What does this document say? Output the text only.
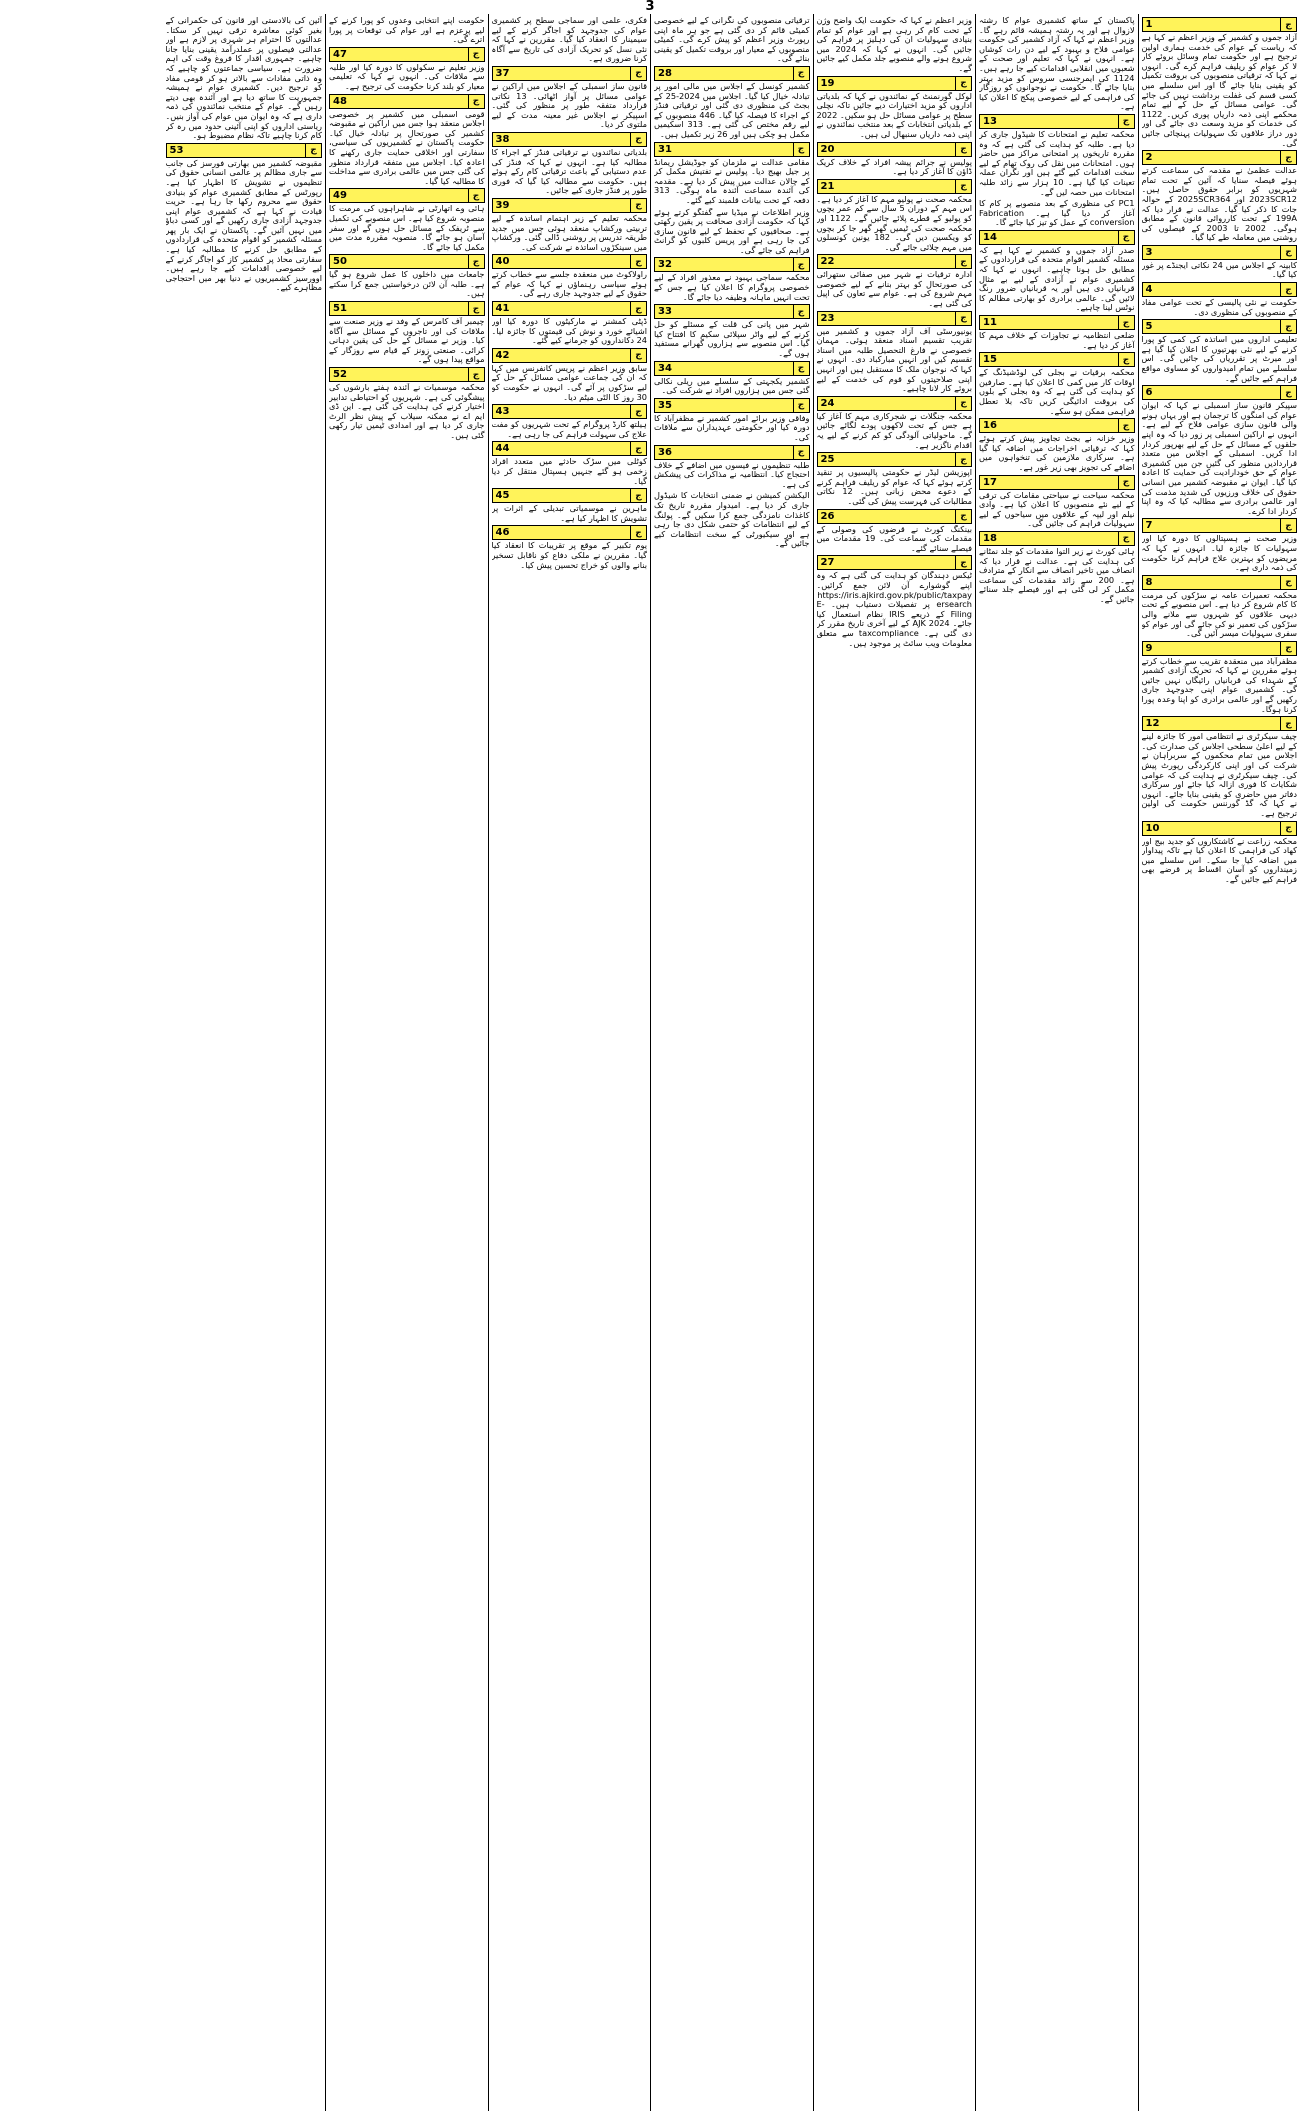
3
ج
1
آزاد جموں و کشمیر کے وزیر اعظم نے کہا ہے کہ ریاست کے عوام کی خدمت ہماری اولین ترجیح ہے اور حکومت تمام وسائل بروئے کار لا کر عوام کو ریلیف فراہم کرے گی۔ انہوں نے کہا کہ ترقیاتی منصوبوں کی بروقت تکمیل کو یقینی بنایا جائے گا اور اس سلسلے میں کسی قسم کی غفلت برداشت نہیں کی جائے گی۔ عوامی مسائل کے حل کے لیے تمام محکمے اپنی ذمہ داریاں پوری کریں۔ 1122 کی خدمات کو مزید وسعت دی جائے گی اور دور دراز علاقوں تک سہولیات پہنچائی جائیں گی۔
ج
2
عدالت عظمیٰ نے مقدمہ کی سماعت کرتے ہوئے فیصلہ سنایا کہ آئین کے تحت تمام شہریوں کو برابر حقوق حاصل ہیں۔ 2023SCR12 اور 2025SCR364 کے حوالہ جات کا ذکر کیا گیا۔ عدالت نے قرار دیا کہ 199A کے تحت کارروائی قانون کے مطابق ہوگی۔ 2002 تا 2003 کے فیصلوں کی روشنی میں معاملہ طے کیا گیا۔
ج
3
کابینہ کے اجلاس میں 24 نکاتی ایجنڈے پر غور کیا گیا۔
ج
4
حکومت نے نئی پالیسی کے تحت عوامی مفاد کے منصوبوں کی منظوری دی۔
ج
5
تعلیمی اداروں میں اساتذہ کی کمی کو پورا کرنے کے لیے نئی بھرتیوں کا اعلان کیا گیا ہے اور میرٹ پر تقرریاں کی جائیں گی۔ اس سلسلے میں تمام امیدواروں کو مساوی مواقع فراہم کیے جائیں گے۔
ج
6
سپیکر قانون ساز اسمبلی نے کہا کہ ایوان عوام کی امنگوں کا ترجمان ہے اور یہاں ہونے والی قانون سازی عوامی فلاح کے لیے ہے۔ انہوں نے اراکین اسمبلی پر زور دیا کہ وہ اپنے حلقوں کے مسائل کے حل کے لیے بھرپور کردار ادا کریں۔ اسمبلی کے اجلاس میں متعدد قراردادیں منظور کی گئیں جن میں کشمیری عوام کے حق خودارادیت کی حمایت کا اعادہ کیا گیا۔ ایوان نے مقبوضہ کشمیر میں انسانی حقوق کی خلاف ورزیوں کی شدید مذمت کی اور عالمی برادری سے مطالبہ کیا کہ وہ اپنا کردار ادا کرے۔
ج
7
وزیر صحت نے ہسپتالوں کا دورہ کیا اور سہولیات کا جائزہ لیا۔ انہوں نے کہا کہ مریضوں کو بہترین علاج فراہم کرنا حکومت کی ذمہ داری ہے۔
ج
8
محکمہ تعمیرات عامہ نے سڑکوں کی مرمت کا کام شروع کر دیا ہے۔ اس منصوبے کے تحت دیہی علاقوں کو شہروں سے ملانے والی سڑکوں کی تعمیر نو کی جائے گی اور عوام کو سفری سہولیات میسر آئیں گی۔
ج
9
مظفرآباد میں منعقدہ تقریب سے خطاب کرتے ہوئے مقررین نے کہا کہ تحریک آزادی کشمیر کے شہداء کی قربانیاں رائیگاں نہیں جائیں گی۔ کشمیری عوام اپنی جدوجہد جاری رکھیں گے اور عالمی برادری کو اپنا وعدہ پورا کرنا ہوگا۔
ج
12
چیف سیکرٹری نے انتظامی امور کا جائزہ لینے کے لیے اعلیٰ سطحی اجلاس کی صدارت کی۔ اجلاس میں تمام محکموں کے سربراہان نے شرکت کی اور اپنی کارکردگی رپورٹ پیش کی۔ چیف سیکرٹری نے ہدایت کی کہ عوامی شکایات کا فوری ازالہ کیا جائے اور سرکاری دفاتر میں حاضری کو یقینی بنایا جائے۔ انہوں نے کہا کہ گڈ گورننس حکومت کی اولین ترجیح ہے۔
ج
10
محکمہ زراعت نے کاشتکاروں کو جدید بیج اور کھاد کی فراہمی کا اعلان کیا ہے تاکہ پیداوار میں اضافہ کیا جا سکے۔ اس سلسلے میں زمینداروں کو آسان اقساط پر قرضے بھی فراہم کیے جائیں گے۔
پاکستان کے ساتھ کشمیری عوام کا رشتہ لازوال ہے اور یہ رشتہ ہمیشہ قائم رہے گا۔ وزیر اعظم نے کہا کہ آزاد کشمیر کی حکومت عوامی فلاح و بہبود کے لیے دن رات کوشاں ہے۔ انہوں نے کہا کہ تعلیم اور صحت کے شعبوں میں انقلابی اقدامات کیے جا رہے ہیں۔ 1124 کی ایمرجنسی سروس کو مزید بہتر بنایا جائے گا۔ حکومت نے نوجوانوں کو روزگار کی فراہمی کے لیے خصوصی پیکج کا اعلان کیا ہے۔
ج
13
محکمہ تعلیم نے امتحانات کا شیڈول جاری کر دیا ہے۔ طلبہ کو ہدایت کی گئی ہے کہ وہ مقررہ تاریخوں پر امتحانی مراکز میں حاضر ہوں۔ امتحانات میں نقل کی روک تھام کے لیے سخت اقدامات کیے گئے ہیں اور نگران عملہ تعینات کیا گیا ہے۔ 10 ہزار سے زائد طلبہ امتحانات میں حصہ لیں گے۔
PC1 کی منظوری کے بعد منصوبے پر کام کا آغاز کر دیا گیا ہے۔ Fabrication conversion کے عمل کو تیز کیا جائے گا۔
ج
14
صدر آزاد جموں و کشمیر نے کہا ہے کہ مسئلہ کشمیر اقوام متحدہ کی قراردادوں کے مطابق حل ہونا چاہیے۔ انہوں نے کہا کہ کشمیری عوام نے آزادی کے لیے بے مثال قربانیاں دی ہیں اور یہ قربانیاں ضرور رنگ لائیں گی۔ عالمی برادری کو بھارتی مظالم کا نوٹس لینا چاہیے۔
ج
11
ضلعی انتظامیہ نے تجاوزات کے خلاف مہم کا آغاز کر دیا ہے۔
ج
15
محکمہ برقیات نے بجلی کی لوڈشیڈنگ کے اوقات کار میں کمی کا اعلان کیا ہے۔ صارفین کو ہدایت کی گئی ہے کہ وہ بجلی کے بلوں کی بروقت ادائیگی کریں تاکہ بلا تعطل فراہمی ممکن ہو سکے۔
ج
16
وزیر خزانہ نے بجٹ تجاویز پیش کرتے ہوئے کہا کہ ترقیاتی اخراجات میں اضافہ کیا گیا ہے۔ سرکاری ملازمین کی تنخواہوں میں اضافے کی تجویز بھی زیر غور ہے۔
ج
17
محکمہ سیاحت نے سیاحتی مقامات کی ترقی کے لیے نئے منصوبوں کا اعلان کیا ہے۔ وادی نیلم اور لیپہ کے علاقوں میں سیاحوں کے لیے سہولیات فراہم کی جائیں گی۔
ج
18
ہائی کورٹ نے زیر التوا مقدمات کو جلد نمٹانے کی ہدایت کی ہے۔ عدالت نے قرار دیا کہ انصاف میں تاخیر انصاف سے انکار کے مترادف ہے۔ 200 سے زائد مقدمات کی سماعت مکمل کر لی گئی ہے اور فیصلے جلد سنائے جائیں گے۔
وزیر اعظم نے کہا کہ حکومت ایک واضح وژن کے تحت کام کر رہی ہے اور عوام کو تمام بنیادی سہولیات ان کی دہلیز پر فراہم کی جائیں گی۔ انہوں نے کہا کہ 2024 میں شروع ہونے والے منصوبے جلد مکمل کیے جائیں گے۔
ج
19
لوکل گورنمنٹ کے نمائندوں نے کہا کہ بلدیاتی اداروں کو مزید اختیارات دیے جائیں تاکہ نچلی سطح پر عوامی مسائل حل ہو سکیں۔ 2022 کے بلدیاتی انتخابات کے بعد منتخب نمائندوں نے اپنی ذمہ داریاں سنبھال لی ہیں۔
ج
20
پولیس نے جرائم پیشہ افراد کے خلاف کریک ڈاؤن کا آغاز کر دیا ہے۔
ج
21
محکمہ صحت نے پولیو مہم کا آغاز کر دیا ہے۔ اس مہم کے دوران 5 سال سے کم عمر بچوں کو پولیو کے قطرے پلائے جائیں گے۔ 1122 اور محکمہ صحت کی ٹیمیں گھر گھر جا کر بچوں کو ویکسین دیں گی۔ 182 یونین کونسلوں میں مہم چلائی جائے گی۔
ج
22
ادارہ ترقیات نے شہر میں صفائی ستھرائی کی صورتحال کو بہتر بنانے کے لیے خصوصی مہم شروع کی ہے۔ عوام سے تعاون کی اپیل کی گئی ہے۔
ج
23
یونیورسٹی آف آزاد جموں و کشمیر میں تقریب تقسیم اسناد منعقد ہوئی۔ مہمان خصوصی نے فارغ التحصیل طلبہ میں اسناد تقسیم کیں اور انہیں مبارکباد دی۔ انہوں نے کہا کہ نوجوان ملک کا مستقبل ہیں اور انہیں اپنی صلاحیتوں کو قوم کی خدمت کے لیے بروئے کار لانا چاہیے۔
ج
24
محکمہ جنگلات نے شجرکاری مہم کا آغاز کیا ہے جس کے تحت لاکھوں پودے لگائے جائیں گے۔ ماحولیاتی آلودگی کو کم کرنے کے لیے یہ اقدام ناگزیر ہے۔
ج
25
اپوزیشن لیڈر نے حکومتی پالیسیوں پر تنقید کرتے ہوئے کہا کہ عوام کو ریلیف فراہم کرنے کے دعوے محض زبانی ہیں۔ 12 نکاتی مطالبات کی فہرست پیش کی گئی۔
ج
26
بینکنگ کورٹ نے قرضوں کی وصولی کے مقدمات کی سماعت کی۔ 19 مقدمات میں فیصلے سنائے گئے۔
ج
27
ٹیکس دہندگان کو ہدایت کی گئی ہے کہ وہ اپنے گوشوارے آن لائن جمع کرائیں۔ https://iris.ajkird.gov.pk/public/taxpayersearch پر تفصیلات دستیاب ہیں۔ E-Filing کے ذریعے IRIS نظام استعمال کیا جائے۔ AJK 2024 کے لیے آخری تاریخ مقرر کر دی گئی ہے۔ taxcompliance سے متعلق معلومات ویب سائٹ پر موجود ہیں۔
ترقیاتی منصوبوں کی نگرانی کے لیے خصوصی کمیٹی قائم کر دی گئی ہے جو ہر ماہ اپنی رپورٹ وزیر اعظم کو پیش کرے گی۔ کمیٹی منصوبوں کے معیار اور بروقت تکمیل کو یقینی بنائے گی۔
ج
28
کشمیر کونسل کے اجلاس میں مالی امور پر تبادلہ خیال کیا گیا۔ اجلاس میں 2024-25 کے بجٹ کی منظوری دی گئی اور ترقیاتی فنڈز کے اجراء کا فیصلہ کیا گیا۔ 446 منصوبوں کے لیے رقم مختص کی گئی ہے۔ 313 اسکیمیں مکمل ہو چکی ہیں اور 26 زیر تکمیل ہیں۔
ج
31
مقامی عدالت نے ملزمان کو جوڈیشل ریمانڈ پر جیل بھیج دیا۔ پولیس نے تفتیش مکمل کر کے چالان عدالت میں پیش کر دیا ہے۔ مقدمہ کی آئندہ سماعت آئندہ ماہ ہوگی۔ 313 دفعہ کے تحت بیانات قلمبند کیے گئے۔
وزیر اطلاعات نے میڈیا سے گفتگو کرتے ہوئے کہا کہ حکومت آزادی صحافت پر یقین رکھتی ہے۔ صحافیوں کے تحفظ کے لیے قانون سازی کی جا رہی ہے اور پریس کلبوں کو گرانٹ فراہم کی جائے گی۔
ج
32
محکمہ سماجی بہبود نے معذور افراد کے لیے خصوصی پروگرام کا اعلان کیا ہے جس کے تحت انہیں ماہانہ وظیفہ دیا جائے گا۔
ج
33
شہر میں پانی کی قلت کے مسئلے کو حل کرنے کے لیے واٹر سپلائی سکیم کا افتتاح کیا گیا۔ اس منصوبے سے ہزاروں گھرانے مستفید ہوں گے۔
ج
34
کشمیر یکجہتی کے سلسلے میں ریلی نکالی گئی جس میں ہزاروں افراد نے شرکت کی۔
ج
35
وفاقی وزیر برائے امور کشمیر نے مظفرآباد کا دورہ کیا اور حکومتی عہدیداران سے ملاقات کی۔
ج
36
طلبہ تنظیموں نے فیسوں میں اضافے کے خلاف احتجاج کیا۔ انتظامیہ نے مذاکرات کی پیشکش کی ہے۔
الیکشن کمیشن نے ضمنی انتخابات کا شیڈول جاری کر دیا ہے۔ امیدوار مقررہ تاریخ تک کاغذات نامزدگی جمع کرا سکیں گے۔ پولنگ کے لیے انتظامات کو حتمی شکل دی جا رہی ہے اور سیکیورٹی کے سخت انتظامات کیے جائیں گے۔
فکری، علمی اور سماجی سطح پر کشمیری عوام کی جدوجہد کو اجاگر کرنے کے لیے سیمینار کا انعقاد کیا گیا۔ مقررین نے کہا کہ نئی نسل کو تحریک آزادی کی تاریخ سے آگاہ کرنا ضروری ہے۔
ج
37
قانون ساز اسمبلی کے اجلاس میں اراکین نے عوامی مسائل پر آواز اٹھائی۔ 13 نکاتی قرارداد متفقہ طور پر منظور کی گئی۔ اسپیکر نے اجلاس غیر معینہ مدت کے لیے ملتوی کر دیا۔
ج
38
بلدیاتی نمائندوں نے ترقیاتی فنڈز کے اجراء کا مطالبہ کیا ہے۔ انہوں نے کہا کہ فنڈز کی عدم دستیابی کے باعث ترقیاتی کام رکے ہوئے ہیں۔ حکومت سے مطالبہ کیا گیا کہ فوری طور پر فنڈز جاری کیے جائیں۔
ج
39
محکمہ تعلیم کے زیر اہتمام اساتذہ کے لیے تربیتی ورکشاپ منعقد ہوئی جس میں جدید طریقہ تدریس پر روشنی ڈالی گئی۔ ورکشاپ میں سینکڑوں اساتذہ نے شرکت کی۔
ج
40
راولاکوٹ میں منعقدہ جلسے سے خطاب کرتے ہوئے سیاسی رہنماؤں نے کہا کہ عوام کے حقوق کے لیے جدوجہد جاری رہے گی۔
ج
41
ڈپٹی کمشنر نے مارکیٹوں کا دورہ کیا اور اشیائے خورد و نوش کی قیمتوں کا جائزہ لیا۔ 24 دکانداروں کو جرمانے کیے گئے۔
ج
42
سابق وزیر اعظم نے پریس کانفرنس میں کہا کہ ان کی جماعت عوامی مسائل کے حل کے لیے سڑکوں پر آئے گی۔ انہوں نے حکومت کو 30 روز کا الٹی میٹم دیا۔
ج
43
ہیلتھ کارڈ پروگرام کے تحت شہریوں کو مفت علاج کی سہولت فراہم کی جا رہی ہے۔
ج
44
کوٹلی میں سڑک حادثے میں متعدد افراد زخمی ہو گئے جنہیں ہسپتال منتقل کر دیا گیا۔
ج
45
ماہرین نے موسمیاتی تبدیلی کے اثرات پر تشویش کا اظہار کیا ہے۔
ج
46
یوم تکبیر کے موقع پر تقریبات کا انعقاد کیا گیا۔ مقررین نے ملکی دفاع کو ناقابل تسخیر بنانے والوں کو خراج تحسین پیش کیا۔
حکومت اپنے انتخابی وعدوں کو پورا کرنے کے لیے پرعزم ہے اور عوام کی توقعات پر پورا اترے گی۔
ج
47
وزیر تعلیم نے سکولوں کا دورہ کیا اور طلبہ سے ملاقات کی۔ انہوں نے کہا کہ تعلیمی معیار کو بلند کرنا حکومت کی ترجیح ہے۔
ج
48
قومی اسمبلی میں کشمیر پر خصوصی اجلاس منعقد ہوا جس میں اراکین نے مقبوضہ کشمیر کی صورتحال پر تبادلہ خیال کیا۔ حکومت پاکستان نے کشمیریوں کی سیاسی، سفارتی اور اخلاقی حمایت جاری رکھنے کا اعادہ کیا۔ اجلاس میں متفقہ قرارداد منظور کی گئی جس میں عالمی برادری سے مداخلت کا مطالبہ کیا گیا۔
ج
49
ہائی وے اتھارٹی نے شاہراہوں کی مرمت کا منصوبہ شروع کیا ہے۔ اس منصوبے کی تکمیل سے ٹریفک کے مسائل حل ہوں گے اور سفر آسان ہو جائے گا۔ منصوبہ مقررہ مدت میں مکمل کیا جائے گا۔
ج
50
جامعات میں داخلوں کا عمل شروع ہو گیا ہے۔ طلبہ آن لائن درخواستیں جمع کرا سکتے ہیں۔
ج
51
چیمبر آف کامرس کے وفد نے وزیر صنعت سے ملاقات کی اور تاجروں کے مسائل سے آگاہ کیا۔ وزیر نے مسائل کے حل کی یقین دہانی کرائی۔ صنعتی زونز کے قیام سے روزگار کے مواقع پیدا ہوں گے۔
ج
52
محکمہ موسمیات نے آئندہ ہفتے بارشوں کی پیشگوئی کی ہے۔ شہریوں کو احتیاطی تدابیر اختیار کرنے کی ہدایت کی گئی ہے۔ این ڈی ایم اے نے ممکنہ سیلاب کے پیش نظر الرٹ جاری کر دیا ہے اور امدادی ٹیمیں تیار رکھی گئی ہیں۔
آئین کی بالادستی اور قانون کی حکمرانی کے بغیر کوئی معاشرہ ترقی نہیں کر سکتا۔ عدالتوں کا احترام ہر شہری پر لازم ہے اور عدالتی فیصلوں پر عملدرآمد یقینی بنایا جانا چاہیے۔ جمہوری اقدار کا فروغ وقت کی اہم ضرورت ہے۔ سیاسی جماعتوں کو چاہیے کہ وہ ذاتی مفادات سے بالاتر ہو کر قومی مفاد کو ترجیح دیں۔ کشمیری عوام نے ہمیشہ جمہوریت کا ساتھ دیا ہے اور آئندہ بھی دیتے رہیں گے۔ عوام کے منتخب نمائندوں کی ذمہ داری ہے کہ وہ ایوان میں عوام کی آواز بنیں۔ ریاستی اداروں کو اپنی آئینی حدود میں رہ کر کام کرنا چاہیے تاکہ نظام مضبوط ہو۔
ج
53
مقبوضہ کشمیر میں بھارتی فورسز کی جانب سے جاری مظالم پر عالمی انسانی حقوق کی تنظیموں نے تشویش کا اظہار کیا ہے۔ رپورٹس کے مطابق کشمیری عوام کو بنیادی حقوق سے محروم رکھا جا رہا ہے۔ حریت قیادت نے کہا ہے کہ کشمیری عوام اپنی جدوجہد آزادی جاری رکھیں گے اور کسی دباؤ میں نہیں آئیں گے۔ پاکستان نے ایک بار پھر مسئلہ کشمیر کو اقوام متحدہ کی قراردادوں کے مطابق حل کرنے کا مطالبہ کیا ہے۔ سفارتی محاذ پر کشمیر کاز کو اجاگر کرنے کے لیے خصوصی اقدامات کیے جا رہے ہیں۔ اوورسیز کشمیریوں نے دنیا بھر میں احتجاجی مظاہرے کیے۔
